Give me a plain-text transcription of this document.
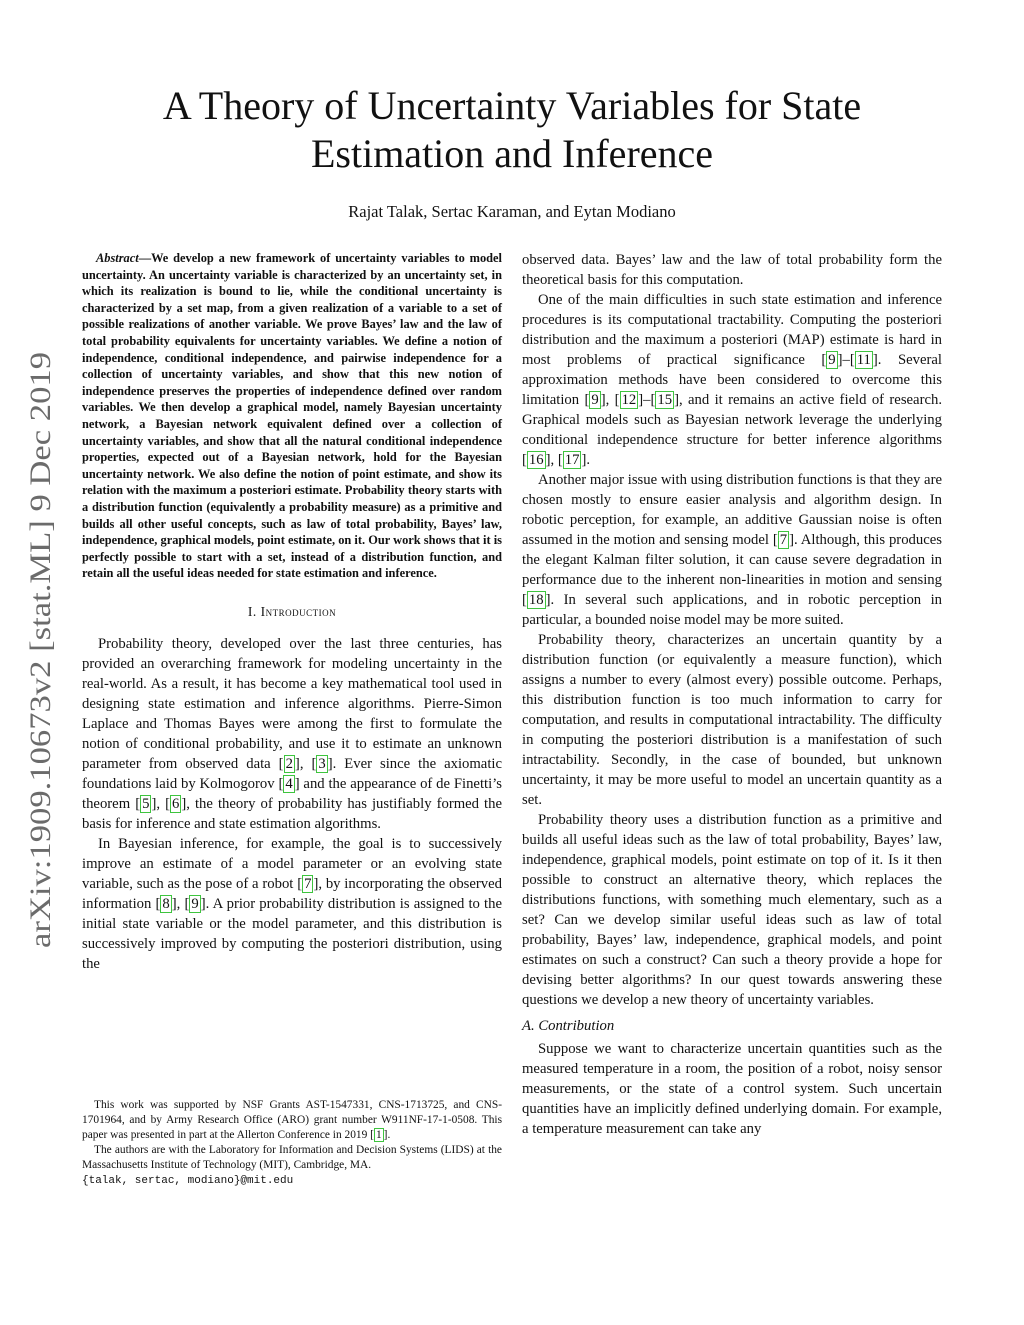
arXiv:1909.10673v2 [stat.ML] 9 Dec 2019
A Theory of Uncertainty Variables for State Estimation and Inference

Rajat Talak, Sertac Karaman, and Eytan Modiano

Abstract—We develop a new framework of uncertainty variables to model uncertainty. An uncertainty variable is characterized by an uncertainty set, in which its realization is bound to lie, while the conditional uncertainty is characterized by a set map, from a given realization of a variable to a set of possible realizations of another variable. We prove Bayes’ law and the law of total probability equivalents for uncertainty variables. We define a notion of independence, conditional independence, and pairwise independence for a collection of uncertainty variables, and show that this new notion of independence preserves the properties of independence defined over random variables. We then develop a graphical model, namely Bayesian uncertainty network, a Bayesian network equivalent defined over a collection of uncertainty variables, and show that all the natural conditional independence properties, expected out of a Bayesian network, hold for the Bayesian uncertainty network. We also define the notion of point estimate, and show its relation with the maximum a posteriori estimate. Probability theory starts with a distribution function (equivalently a probability measure) as a primitive and builds all other useful concepts, such as law of total probability, Bayes’ law, independence, graphical models, point estimate, on it. Our work shows that it is perfectly possible to start with a set, instead of a distribution function, and retain all the useful ideas needed for state estimation and inference.

I. Introduction

Probability theory, developed over the last three centuries, has provided an overarching framework for modeling uncertainty in the real-world. As a result, it has become a key mathematical tool used in designing state estimation and inference algorithms. Pierre-Simon Laplace and Thomas Bayes were among the first to formulate the notion of conditional probability, and use it to estimate an unknown parameter from observed data [ 2 ], [ 3 ]. Ever since the axiomatic foundations laid by Kolmogorov [ 4 ] and the appearance of de Finetti’s theorem [ 5 ], [ 6 ], the theory of probability has justifiably formed the basis for inference and state estimation algorithms.

In Bayesian inference, for example, the goal is to successively improve an estimate of a model parameter or an evolving state variable, such as the pose of a robot [ 7 ], by incorporating the observed information [ 8 ], [ 9 ]. A prior probability distribution is assigned to the initial state variable or the model parameter, and this distribution is successively improved by computing the posteriori distribution, using the

This work was supported by NSF Grants AST-1547331, CNS-1713725, and CNS-1701964, and by Army Research Office (ARO) grant number W911NF-17-1-0508. This paper was presented in part at the Allerton Conference in 2019 [ 1 ].

The authors are with the Laboratory for Information and Decision Systems (LIDS) at the Massachusetts Institute of Technology (MIT), Cambridge, MA.

{talak, sertac, modiano}@mit.edu

observed data. Bayes’ law and the law of total probability form the theoretical basis for this computation.

One of the main difficulties in such state estimation and inference procedures is its computational tractability. Computing the posteriori distribution and the maximum a posteriori (MAP) estimate is hard in most problems of practical significance [ 9 ]–[ 11 ]. Several approximation methods have been considered to overcome this limitation [ 9 ], [ 12 ]–[ 15 ], and it remains an active field of research. Graphical models such as Bayesian network leverage the underlying conditional independence structure for better inference algorithms [ 16 ], [ 17 ].

Another major issue with using distribution functions is that they are chosen mostly to ensure easier analysis and algorithm design. In robotic perception, for example, an additive Gaussian noise is often assumed in the motion and sensing model [ 7 ]. Although, this produces the elegant Kalman filter solution, it can cause severe degradation in performance due to the inherent non-linearities in motion and sensing [ 18 ]. In several such applications, and in robotic perception in particular, a bounded noise model may be more suited.

Probability theory, characterizes an uncertain quantity by a distribution function (or equivalently a measure function), which assigns a number to every (almost every) possible outcome. Perhaps, this distribution function is too much information to carry for computation, and results in computational intractability. The difficulty in computing the posteriori distribution is a manifestation of such intractability. Secondly, in the case of bounded, but unknown uncertainty, it may be more useful to model an uncertain quantity as a set.

Probability theory uses a distribution function as a primitive and builds all useful ideas such as the law of total probability, Bayes’ law, independence, graphical models, point estimate on top of it. Is it then possible to construct an alternative theory, which replaces the distributions functions, with something much elementary, such as a set? Can we develop similar useful ideas such as law of total probability, Bayes’ law, independence, graphical models, and point estimates on such a construct? Can such a theory provide a hope for devising better algorithms? In our quest towards answering these questions we develop a new theory of uncertainty variables.

A. Contribution

Suppose we want to characterize uncertain quantities such as the measured temperature in a room, the position of a robot, noisy sensor measurements, or the state of a control system. Such uncertain quantities have an implicitly defined underlying domain. For example, a temperature measurement can take any
